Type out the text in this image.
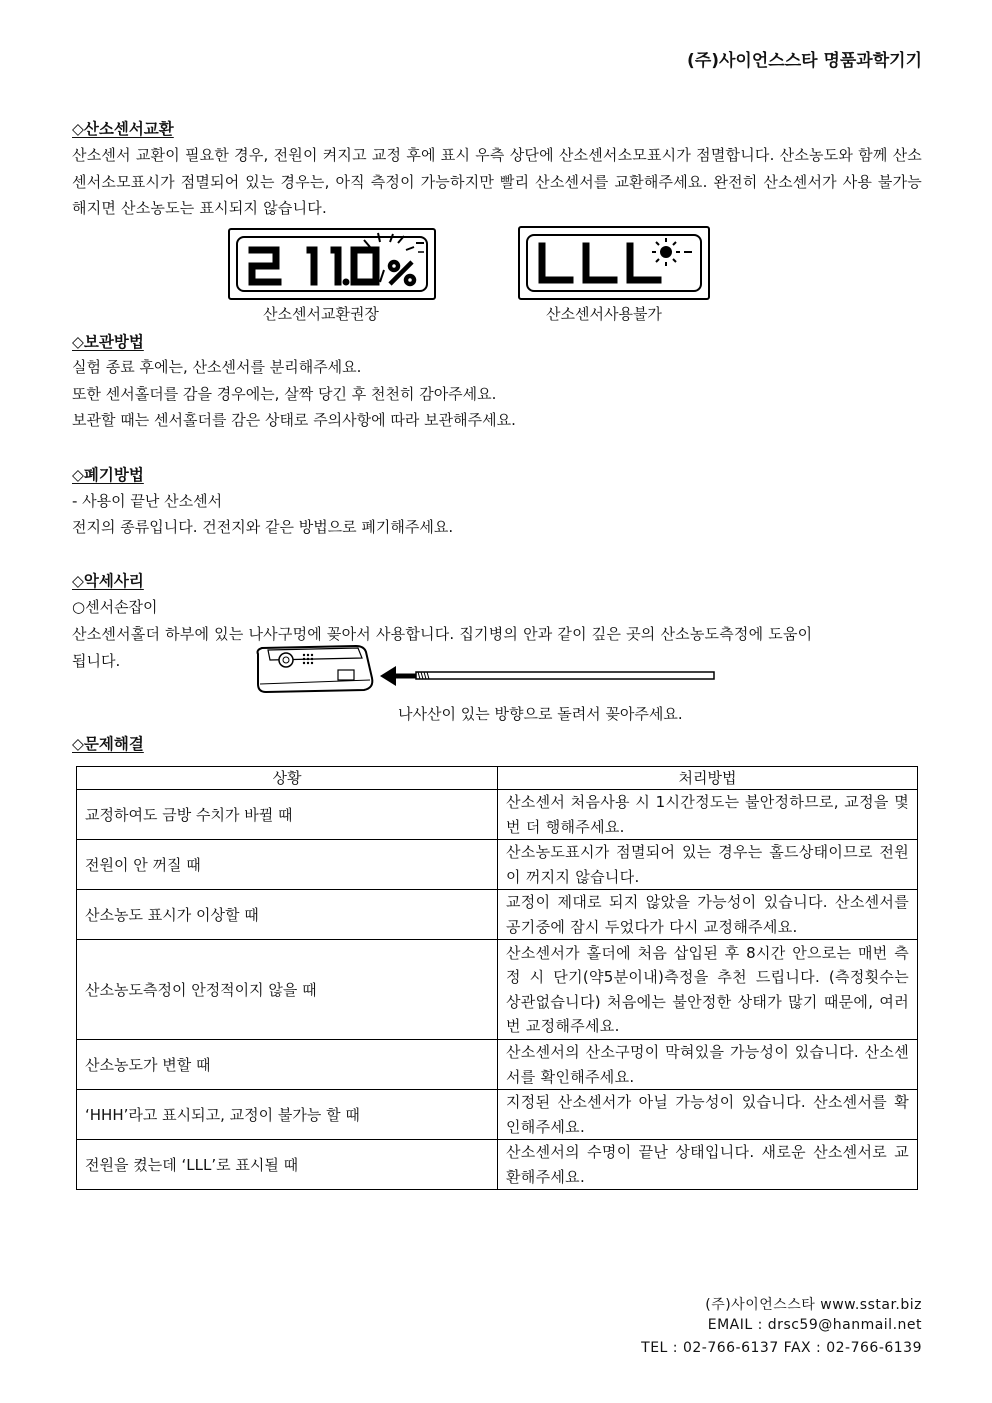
(주)사이언스스타 명품과학기기
◇산소센서교환
산소센서 교환이 필요한 경우, 전원이 켜지고 교정 후에 표시 우측 상단에 산소센서소모표시가 점멸합니다. 산소농도와 함께 산소센서소모표시가 점멸되어 있는 경우는, 아직 측정이 가능하지만 빨리 산소센서를 교환해주세요. 완전히 산소센서가 사용 불가능해지면 산소농도는 표시되지 않습니다.
산소센서교환권장	산소센서사용불가
◇보관방법
실험 종료 후에는, 산소센서를 분리해주세요.
또한 센서홀더를 감을 경우에는, 살짝 당긴 후 천천히 감아주세요.
보관할 때는 센서홀더를 감은 상태로 주의사항에 따라 보관해주세요.
◇폐기방법
- 사용이 끝난 산소센서
전지의 종류입니다. 건전지와 같은 방법으로 폐기해주세요.
◇악세사리
○센서손잡이
산소센서홀더 하부에 있는 나사구멍에 꽂아서 사용합니다. 집기병의 안과 같이 깊은 곳의 산소농도측정에 도움이
됩니다.
나사산이 있는 방향으로 돌려서 꽂아주세요.
◇문제해결
상황	처리방법
교정하여도 금방 수치가 바뀔 때	산소센서 처음사용 시 1시간정도는 불안정하므로, 교정을 몇 번 더 행해주세요.
전원이 안 꺼질 때	산소농도표시가 점멸되어 있는 경우는 홀드상태이므로 전원이 꺼지지 않습니다.
산소농도 표시가 이상할 때	교정이 제대로 되지 않았을 가능성이 있습니다. 산소센서를 공기중에 잠시 두었다가 다시 교정해주세요.
산소농도측정이 안정적이지 않을 때	산소센서가 홀더에 처음 삽입된 후 8시간 안으로는 매번 측정 시 단기(약5분이내)측정을 추천 드립니다. (측정횟수는 상관없습니다) 처음에는 불안정한 상태가 많기 때문에, 여러번 교정해주세요.
산소농도가 변할 때	산소센서의 산소구멍이 막혀있을 가능성이 있습니다. 산소센서를 확인해주세요.
‘HHH’라고 표시되고, 교정이 불가능 할 때	지정된 산소센서가 아닐 가능성이 있습니다. 산소센서를 확인해주세요.
전원을 켰는데 ‘LLL’로 표시될 때	산소센서의 수명이 끝난 상태입니다. 새로운 산소센서로 교환해주세요.
(주)사이언스스타 www.sstar.biz
EMAIL : drsc59@hanmail.net
TEL : 02-766-6137 FAX : 02-766-6139
